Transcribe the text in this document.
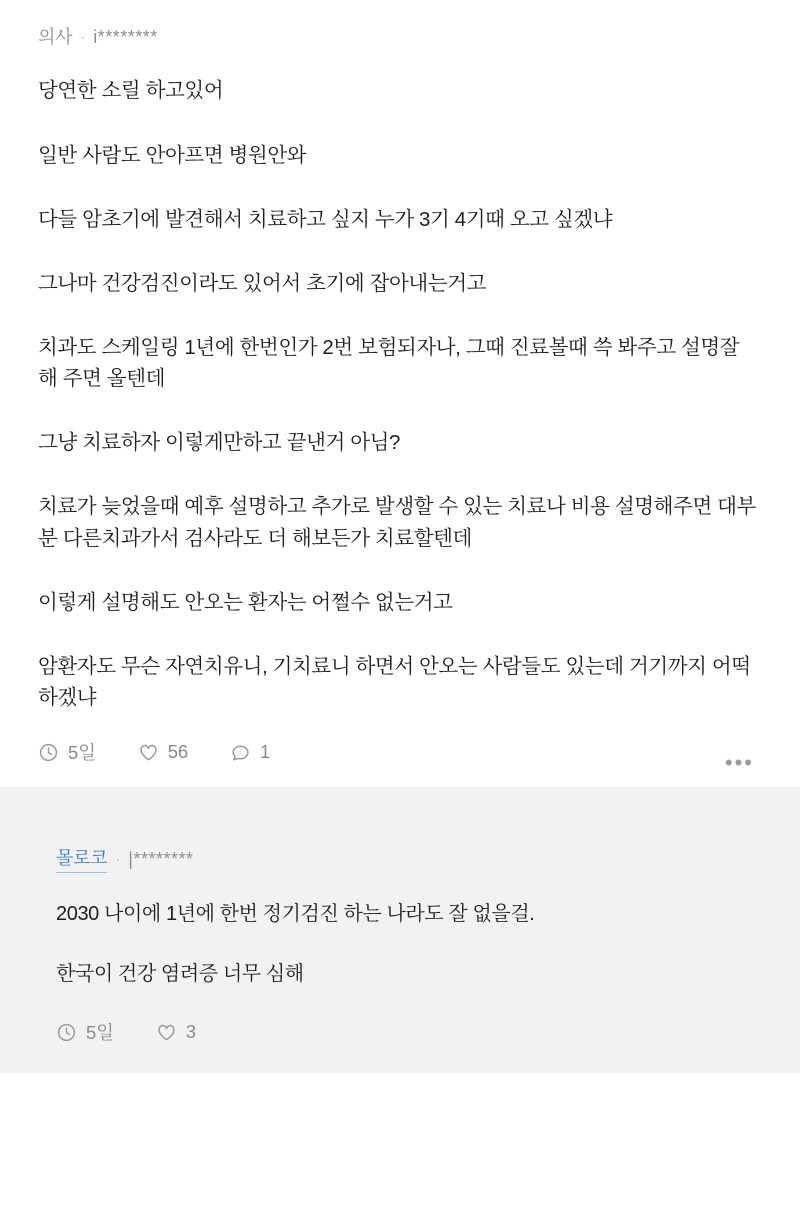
의사 · i********

당연한 소릴 하고있어

일반 사람도 안아프면 병원안와

다들 암초기에 발견해서 치료하고 싶지 누가 3기 4기때 오고 싶겠냐

그나마 건강검진이라도 있어서 초기에 잡아내는거고

치과도 스케일링 1년에 한번인가 2번 보험되자나, 그때 진료볼때 쓱 봐주고 설명잘 해 주면 올텐데

그냥 치료하자 이렇게만하고 끝낸거 아님?

치료가 늦었을때 예후 설명하고 추가로 발생할 수 있는 치료나 비용 설명해주면 대부분 다른치과가서 검사라도 더 해보든가 치료할텐데

이렇게 설명해도 안오는 환자는 어쩔수 없는거고

암환자도 무슨 자연치유니, 기치료니 하면서 안오는 사람들도 있는데 거기까지 어떡하겠냐

5일	56	1	•••
몰로코 · |********

2030 나이에 1년에 한번 정기검진 하는 나라도 잘 없을걸.

한국이 건강 염려증 너무 심해

5일	3
